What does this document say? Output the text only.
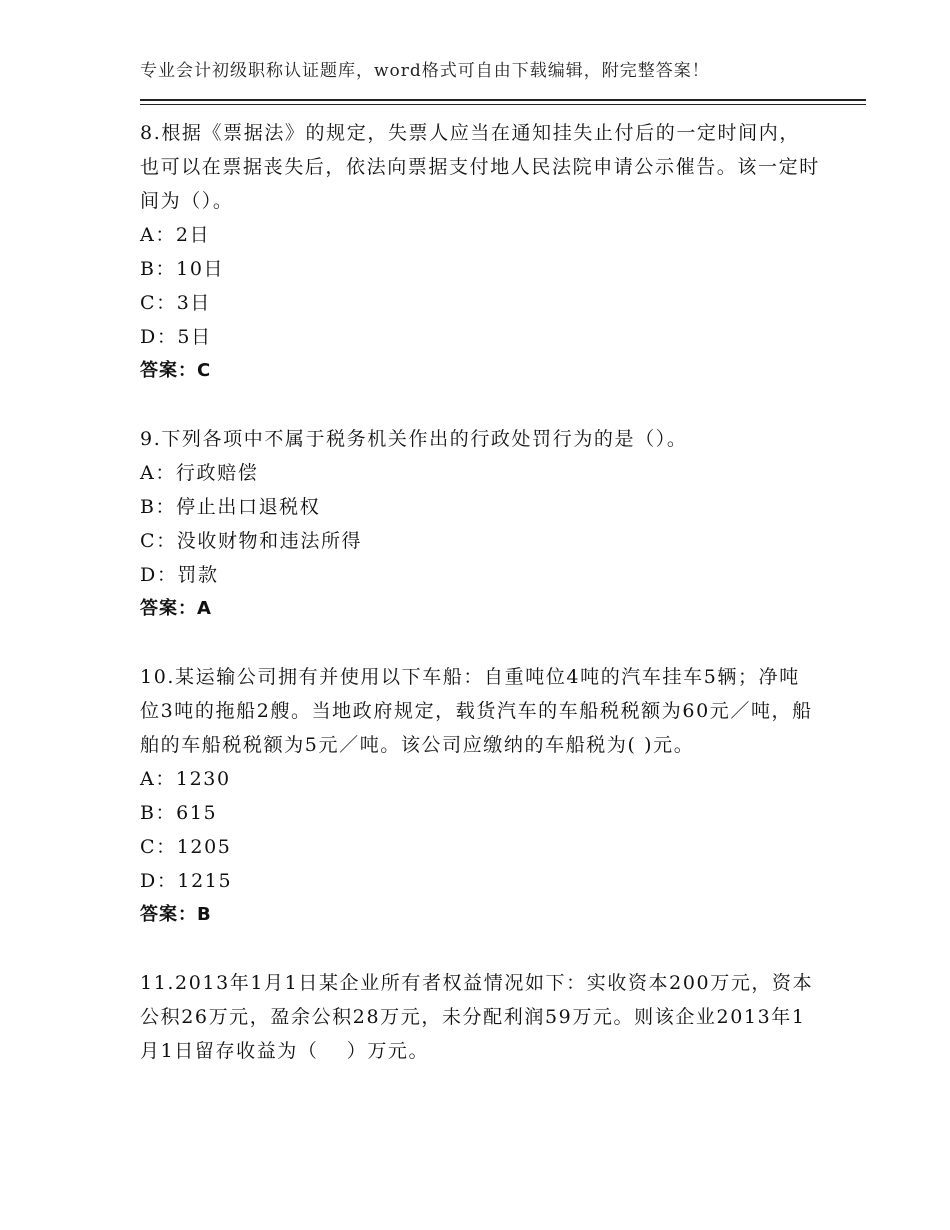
专业会计初级职称认证题库，word格式可自由下载编辑，附完整答案！

8.根据《票据法》的规定，失票人应当在通知挂失止付后的一定时间内，也可以在票据丧失后，依法向票据支付地人民法院申请公示催告。该一定时间为（）。

A：2日

B：10日

C：3日

D：5日

答案：C

9.下列各项中不属于税务机关作出的行政处罚行为的是（）。

A：行政赔偿

B：停止出口退税权

C：没收财物和违法所得

D：罚款

答案：A

10.某运输公司拥有并使用以下车船：自重吨位4吨的汽车挂车5辆；净吨位3吨的拖船2艘。当地政府规定，载货汽车的车船税税额为60元／吨，船舶的车船税税额为5元／吨。该公司应缴纳的车船税为( )元。

A：1230

B：615

C：1205

D：1215

答案：B

11.2013年1月1日某企业所有者权益情况如下：实收资本200万元，资本公积26万元，盈余公积28万元，未分配利润59万元。则该企业2013年1月1日留存收益为（　 ）万元。
